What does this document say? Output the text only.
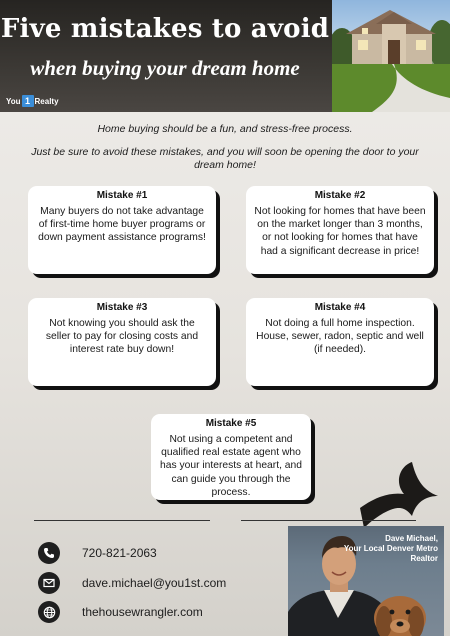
Five mistakes to avoid
when buying your dream home
You 1 Realty
Home buying should be a fun, and stress-free process.
Just be sure to avoid these mistakes, and you will soon be opening the door to your dream home!
Mistake #1
Many buyers do not take advantage of first-time home buyer programs or down payment assistance programs!
Mistake #2
Not looking for homes that have been on the market longer than 3 months, or not looking for homes that have had a significant decrease in price!
Mistake #3
Not knowing you should ask the seller to pay for closing costs and interest rate buy down!
Mistake #4
Not doing a full home inspection. House, sewer, radon, septic and well (if needed).
Mistake #5
Not using a competent and qualified real estate agent who has your interests at heart, and can guide you through the process.
720-821-2063
dave.michael@you1st.com
thehousewrangler.com
Dave Michael,
Your Local Denver Metro Realtor
